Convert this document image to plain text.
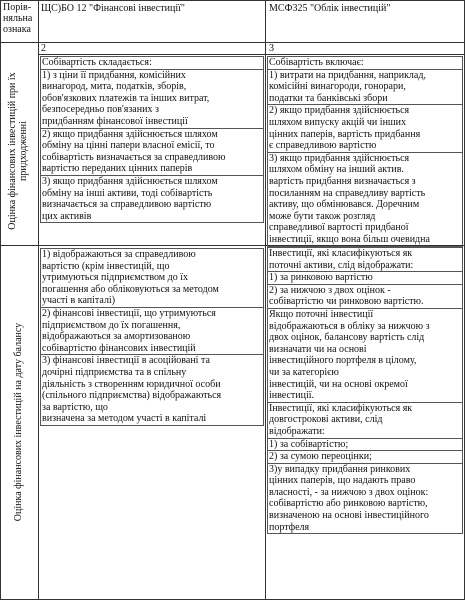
Порів-
няльна
ознака
ЩС)БО 12 "Фінансові інвестиції"	МСФ325 "Облік інвестицій"
2	3
Оцінка фінансових інвестицій при їх придходженні
Собівартість складається:
1) з ціни її придбання, комісійних
винагород, мита, податків, зборів,
обов'язкових платежів та інших витрат,
безпосередньо пов'язаних з
придбанням фінансової інвестиції
2) якщо придбання здійснюється шляхом
обміну на цінні папери власної емісії, то
собівартість визначається за справедливою
вартістю переданих цінних паперів
3) якщо придбання здійснюється шляхом
обміну на інші активи, тоді собівартість
визначається за справедливою вартістю
цих активів
Собівартість включає:
1) витрати на придбання, наприклад,
комісійні винагороди, гонорари,
податки та банківські збори
2) якщо придбання здійснюється
шляхом випуску акцій чи інших
цінних паперів, вартість придбання
є справедливою вартістю
3) якщо придбання здійснюється
шляхом обміну на інший актив.
вартість придбання визначається з
посиланням на справедливу вартість
активу, що обмінювався. Доречним
може бути також розгляд
справедливої вартості придбаної
інвестиції, якщо вона більш очевидна
Оцінка фінансових інвестицій на дату балансу
1) відображаються за справедливою
вартістю (крім інвестицій, що
утримуються підприємством до їх
погашення або обліковуються за методом
участі в капіталі)
2) фінансові інвестиції, що утримуються
підприємством до їх погашення,
відображаються за амортизованою
собівартістю фінансових інвестицій
3) фінансові інвестиції в асоційовані та
дочірні підприємства та в спільну
діяльність з створенням юридичної особи
(спільного підприємства) відображаються
за вартістю, що
визначена за методом участі в капіталі
Інвестиції, які класифікуються як
поточні активи, слід відображати:
1) за ринковою вартістю
2) за нижчою з двох оцінок -
собівартістю чи ринковою вартістю.
Якщо поточні інвестиції
відображаються в обліку за нижчою з
двох оцінок, балансову вартість слід
визначати чи на основі
інвестиційного портфеля в цілому,
чи за категорією
інвестицій, чи на основі окремої
інвестиції.
Інвестиції, які класифікуються як
довгострокові активи, слід
відображати:
1) за собівартістю;
2) за сумою переоцінки;
3)у випадку придбання ринкових
цінних паперів, що надають право
власності, - за нижчою з двох оцінок:
собівартістю або ринковою вартістю,
визначеною на основі інвестиційного
портфеля
